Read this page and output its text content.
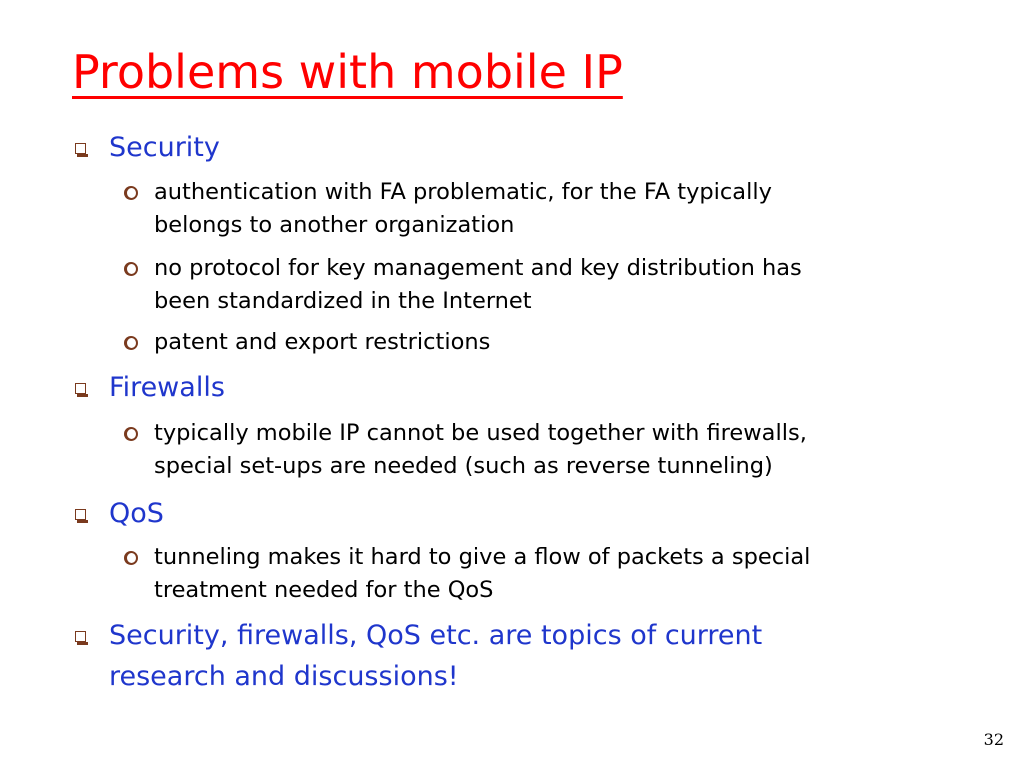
Problems with mobile IP
Security
authentication with FA problematic, for the FA typically
belongs to another organization
no protocol for key management and key distribution has
been standardized in the Internet
patent and export restrictions
Firewalls
typically mobile IP cannot be used together with firewalls,
special set-ups are needed (such as reverse tunneling)
QoS
tunneling makes it hard to give a flow of packets a special
treatment needed for the QoS
Security, firewalls, QoS etc. are topics of current
research and discussions!
32
